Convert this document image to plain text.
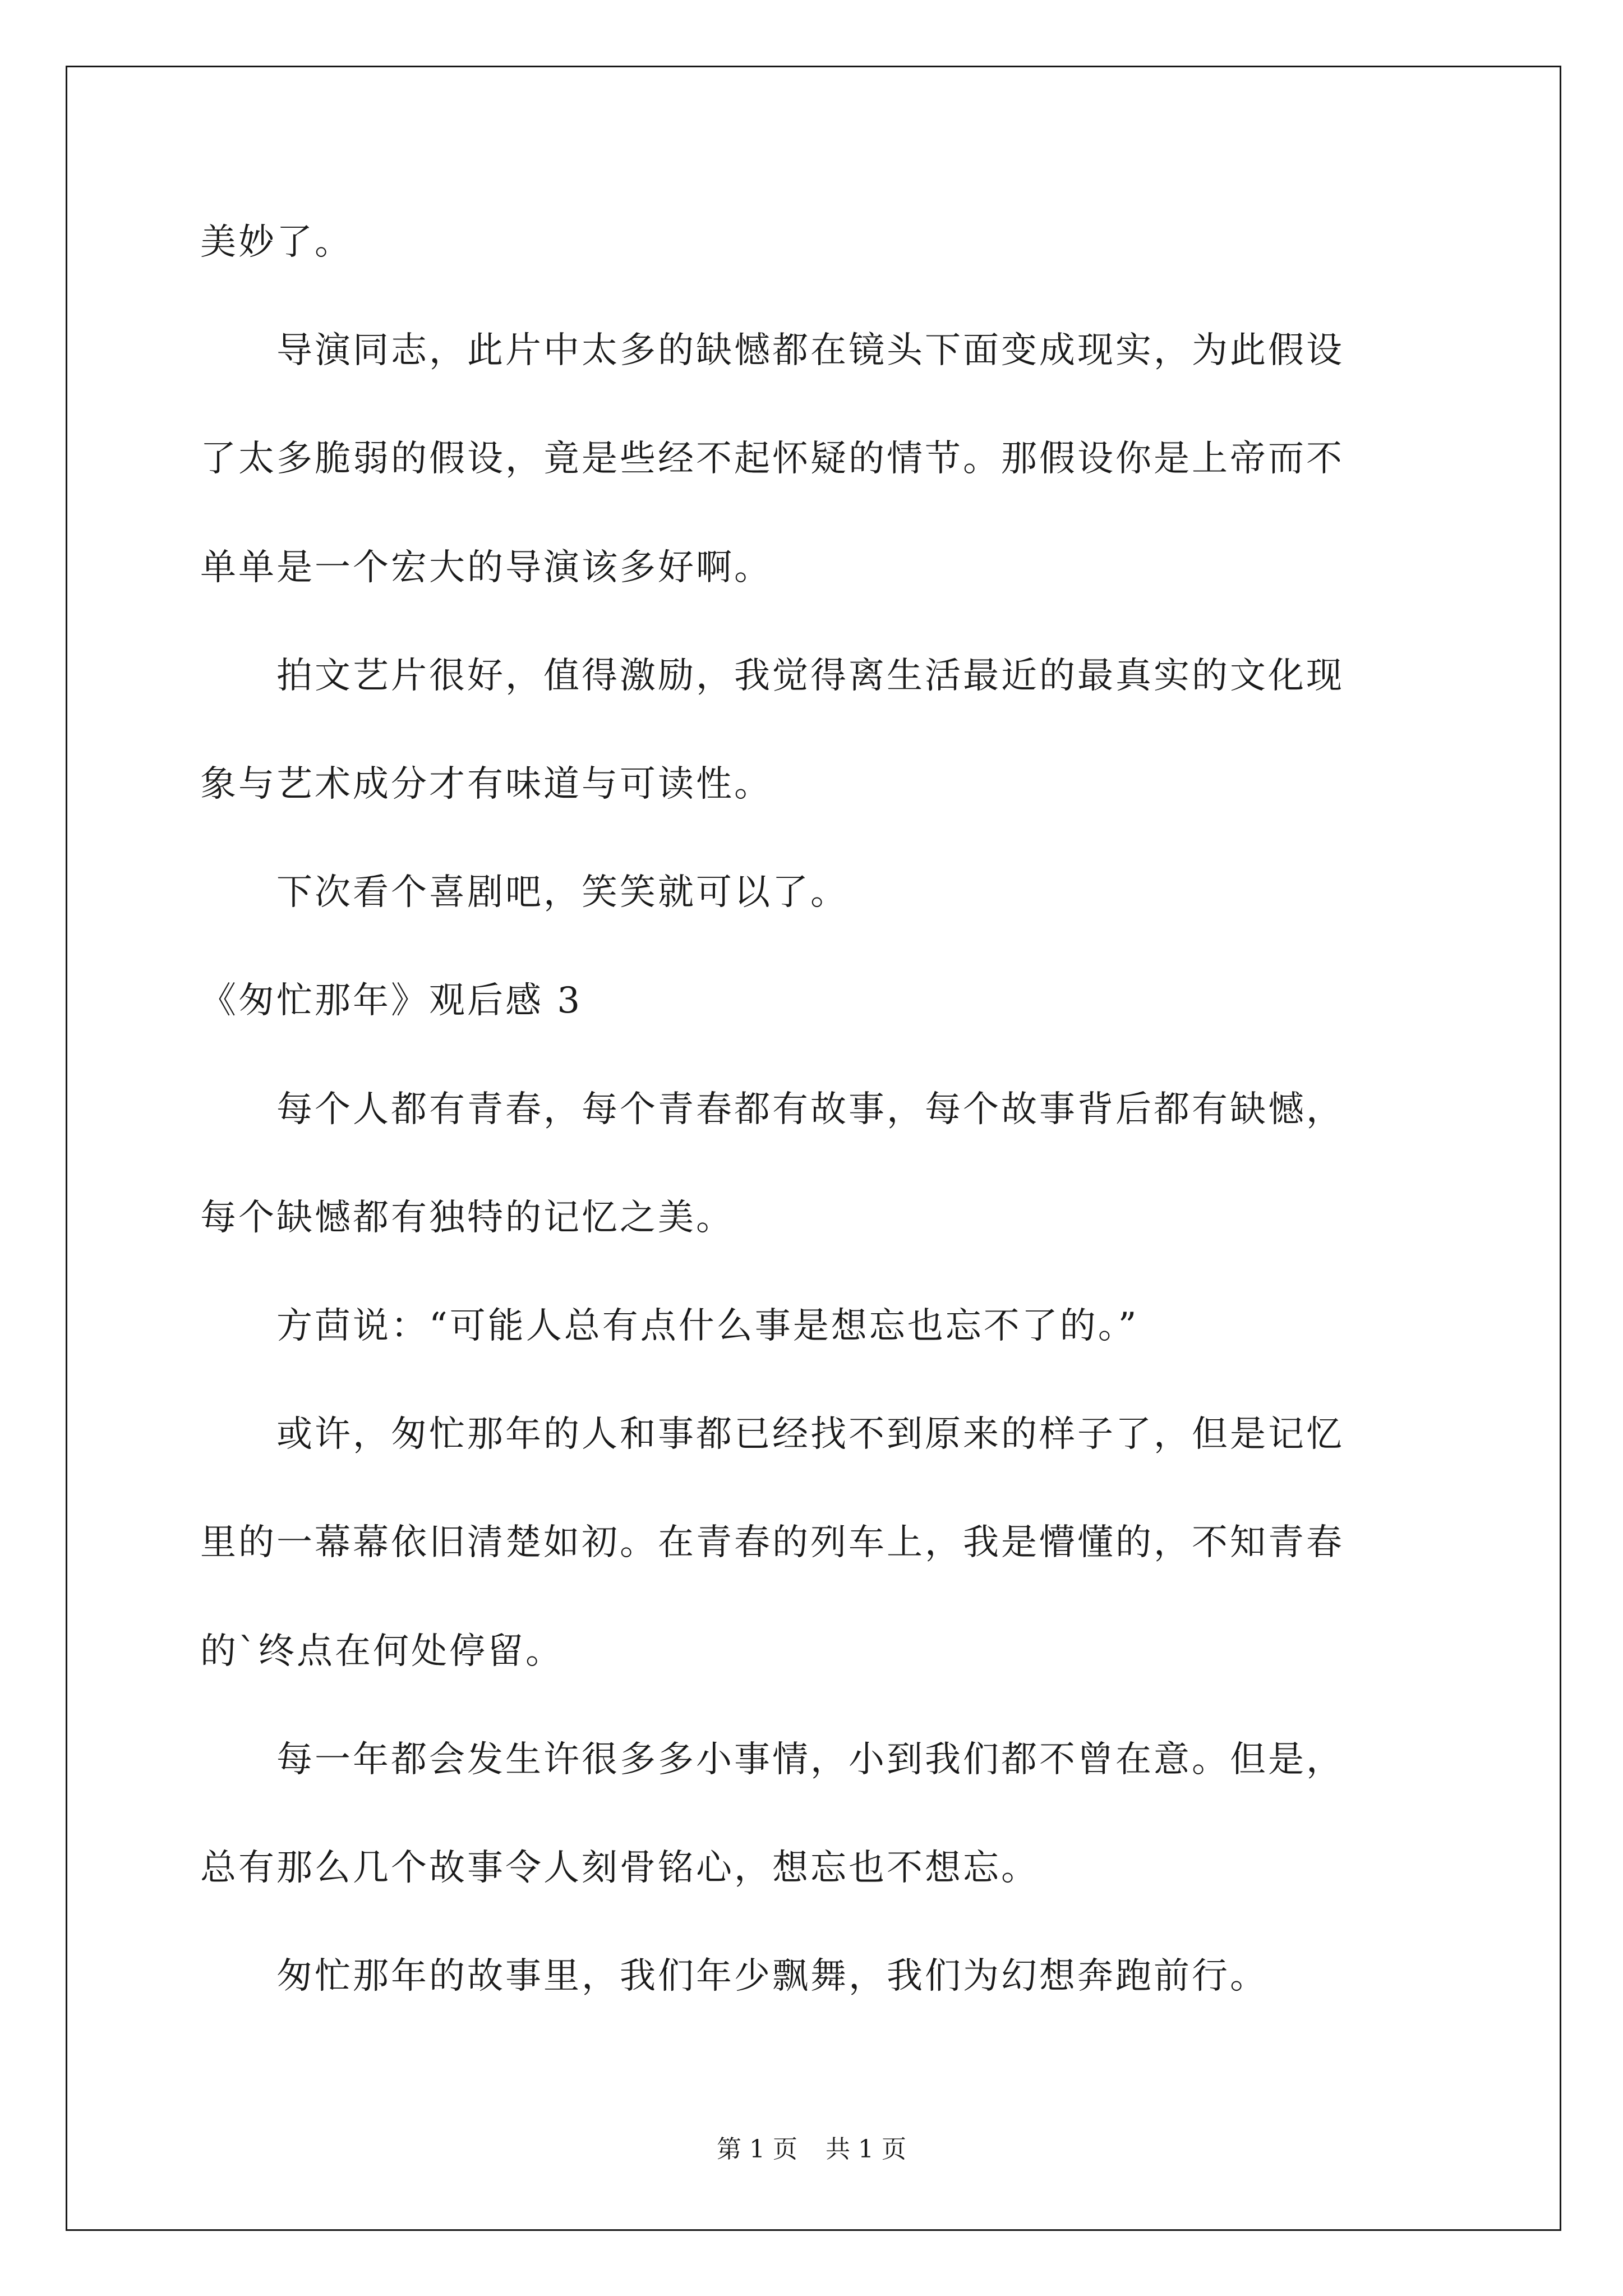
美妙了。
　　导演同志，此片中太多的缺憾都在镜头下面变成现实，为此假设
了太多脆弱的假设，竟是些经不起怀疑的情节。那假设你是上帝而不
单单是一个宏大的导演该多好啊。
　　拍文艺片很好，值得激励，我觉得离生活最近的最真实的文化现
象与艺术成分才有味道与可读性。
　　下次看个喜剧吧，笑笑就可以了。
《匆忙那年》观后感 3
　　每个人都有青春，每个青春都有故事，每个故事背后都有缺憾，
每个缺憾都有独特的记忆之美。
　　方茴说：“可能人总有点什么事是想忘也忘不了的。”
　　或许，匆忙那年的人和事都已经找不到原来的样子了，但是记忆
里的一幕幕依旧清楚如初。在青春的列车上，我是懵懂的，不知青春
的`终点在何处停留。
　　每一年都会发生许很多多小事情，小到我们都不曾在意。但是，
总有那么几个故事令人刻骨铭心，想忘也不想忘。
　　匆忙那年的故事里，我们年少飘舞，我们为幻想奔跑前行。
第 1 页 共 1 页
